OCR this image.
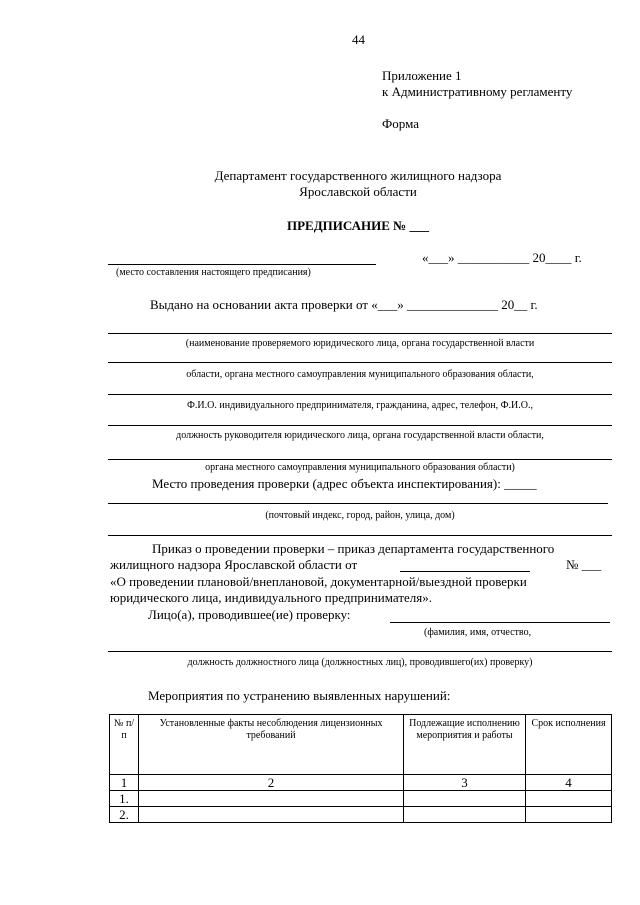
44
Приложение 1
к Административному регламенту
Форма
Департамент государственного жилищного надзора
Ярославской области
ПРЕДПИСАНИЕ № ___
«___» ___________ 20____ г.
(место составления настоящего предписания)
Выдано на основании акта проверки от «___» ______________ 20__ г.
(наименование проверяемого юридического лица, органа государственной власти
области, органа местного самоуправления муниципального образования области,
Ф.И.О. индивидуального предпринимателя, гражданина, адрес, телефон, Ф.И.О.,
должность руководителя юридического лица, органа государственной власти области,
органа местного самоуправления муниципального образования области)
Место проведения проверки (адрес объекта инспектирования): _____
(почтовый индекс, город, район, улица, дом)
Приказ о проведении проверки – приказ департамента государственного
жилищного надзора Ярославской области от	№ ___
«О проведении плановой/внеплановой, документарной/выездной проверки
юридического лица, индивидуального предпринимателя».
Лицо(а), проводившее(ие) проверку:
(фамилия, имя, отчество,
должность должностного лица (должностных лиц), проводившего(их) проверку)
Мероприятия по устранению выявленных нарушений:
№ п/п	Установленные факты несоблюдения лицензионных требований	Подлежащие исполнению мероприятия и работы	Срок исполнения
1	2	3	4
1.			
2.			
